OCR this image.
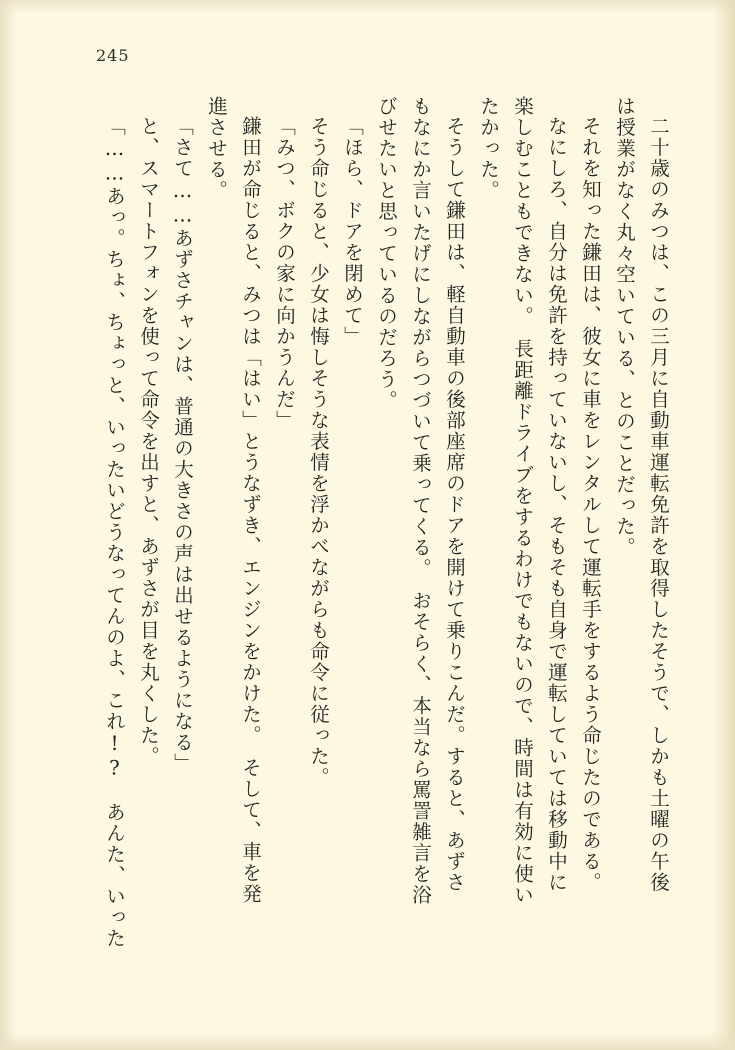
245
二十歳のみつは、この三月に自動車運転免許を取得したそうで、しかも土曜の午後
は授業がなく丸々空いている、とのことだった。
それを知った鎌田は、彼女に車をレンタルして運転手をするよう命じたのである。
なにしろ、自分は免許を持っていないし、そもそも自身で運転していては移動中に
楽しむこともできない。　長距離ドライブをするわけでもないので、時間は有効に使い
たかった。
そうして鎌田は、軽自動車の後部座席のドアを開けて乗りこんだ。すると、あずさ
もなにか言いたげにしながらつづいて乗ってくる。　おそらく、本当なら罵詈雑言を浴
びせたいと思っているのだろう。
「ほら、ドアを閉めて」
そう命じると、少女は悔しそうな表情を浮かべながらも命令に従った。
「みつ、ボクの家に向かうんだ」
鎌田が命じると、みつは「はい」とうなずき、エンジンをかけた。　そして、車を発
進させる。
「さて……あずさチャンは、普通の大きさの声は出せるようになる」
と、スマートフォンを使って命令を出すと、あずさが目を丸くした。
「……あっ。ちょ、ちょっと、いったいどうなってんのよ、これ!?　あんた、いった
